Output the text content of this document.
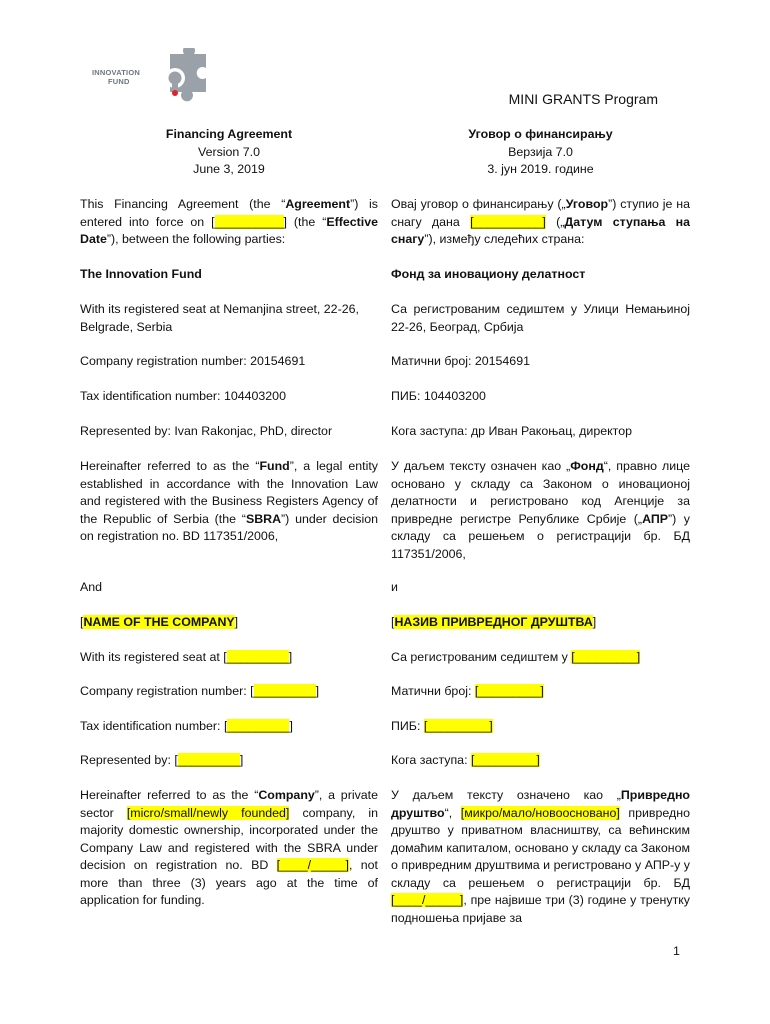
INNOVATION
FUND
MINI GRANTS Program
Financing Agreement
Version 7.0
June 3, 2019
This Financing Agreement (the “Agreement”) is entered into force on [__________] (the “Effective Date”), between the following parties:
The Innovation Fund
With its registered seat at Nemanjina street, 22-26, Belgrade, Serbia
Company registration number: 20154691
Tax identification number: 104403200
Represented by: Ivan Rakonjac, PhD, director
Hereinafter referred to as the “Fund”, a legal entity established in accordance with the Innovation Law and registered with the Business Registers Agency of the Republic of Serbia (the “SBRA”) under decision on registration no. BD 117351/2006,
And
[NAME OF THE COMPANY]
With its registered seat at [_________]
Company registration number: [_________]
Tax identification number: [_________]
Represented by: [_________]
Hereinafter referred to as the “Company”, a private sector [micro/small/newly founded] company, in majority domestic ownership, incorporated under the Company Law and registered with the SBRA under decision on registration no. BD [____/_____], not more than three (3) years ago at the time of application for funding.
Уговор о финансирању
Верзија 7.0
3. јун 2019. године
Овај уговор о финансирању („Уговор”) ступио је на снагу дана [__________] („Датум ступања на снагу”), између следећих страна:
Фонд за иновациону делатност
Са регистрованим седиштем у Улици Немањиној 22-26, Београд, Србија
Матични број: 20154691
ПИБ: 104403200
Кога заступа: др Иван Ракоњац, директор
У даљем тексту означен као „Фонд“, правно лице основано у складу са Законом о иновационој делатности и регистровано код Агенције за привредне регистре Републике Србије („АПР”) у складу са решењем о регистрацији бр. БД 117351/2006,
и
[НАЗИВ ПРИВРЕДНОГ ДРУШТВА]
Са регистрованим седиштем у [_________]
Матични број: [_________]
ПИБ: [_________]
Кога заступа: [_________]
У даљем тексту означено као „Привредно друштво“, [микро/мало/новоосновано] привредно друштво у приватном власништву, са већинским домаћим капиталом, основано у складу са Законом о привредним друштвима и регистровано у АПР-у у складу са решењем о регистрацији бр. БД [____/_____], пре највише три (3) године у тренутку подношења пријаве за
1
